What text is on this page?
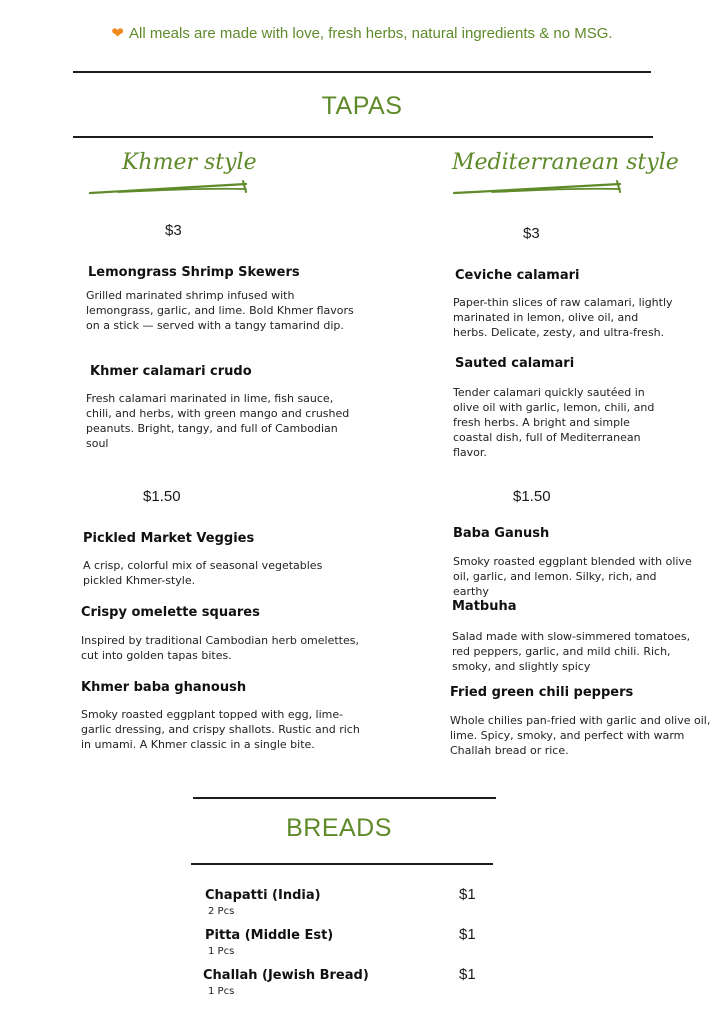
❤ All meals are made with love, fresh herbs, natural ingredients & no MSG.
TAPAS
Khmer style	Mediterranean style
$3	$3
Lemongrass Shrimp Skewers
Grilled marinated shrimp infused with lemongrass, garlic, and lime. Bold Khmer flavors on a stick — served with a tangy tamarind dip.
Khmer calamari crudo
Fresh calamari marinated in lime, fish sauce, chili, and herbs, with green mango and crushed peanuts. Bright, tangy, and full of Cambodian soul
Pickled Market Veggies
A crisp, colorful mix of seasonal vegetables pickled Khmer-style.
Crispy omelette squares
Inspired by traditional Cambodian herb omelettes, cut into golden tapas bites.
Khmer baba ghanoush
Smoky roasted eggplant topped with egg, lime-garlic dressing, and crispy shallots. Rustic and rich in umami. A Khmer classic in a single bite.
Ceviche calamari
Paper-thin slices of raw calamari, lightly marinated in lemon, olive oil, and herbs. Delicate, zesty, and ultra-fresh.
Sauted calamari
Tender calamari quickly sautéed in olive oil with garlic, lemon, chili, and fresh herbs. A bright and simple coastal dish, full of Mediterranean flavor.
$1.50	$1.50
Baba Ganush
Smoky roasted eggplant blended with olive oil, garlic, and lemon. Silky, rich, and earthy
Matbuha
Salad made with slow-simmered tomatoes, red peppers, garlic, and mild chili. Rich, smoky, and slightly spicy
Fried green chili peppers
Whole chilies pan-fried with garlic and olive oil, lime. Spicy, smoky, and perfect with warm Challah bread or rice.
BREADS
Chapatti (India)
2 Pcs
$1
Pitta (Middle Est)
1 Pcs
$1
Challah (Jewish Bread)
1 Pcs
$1
